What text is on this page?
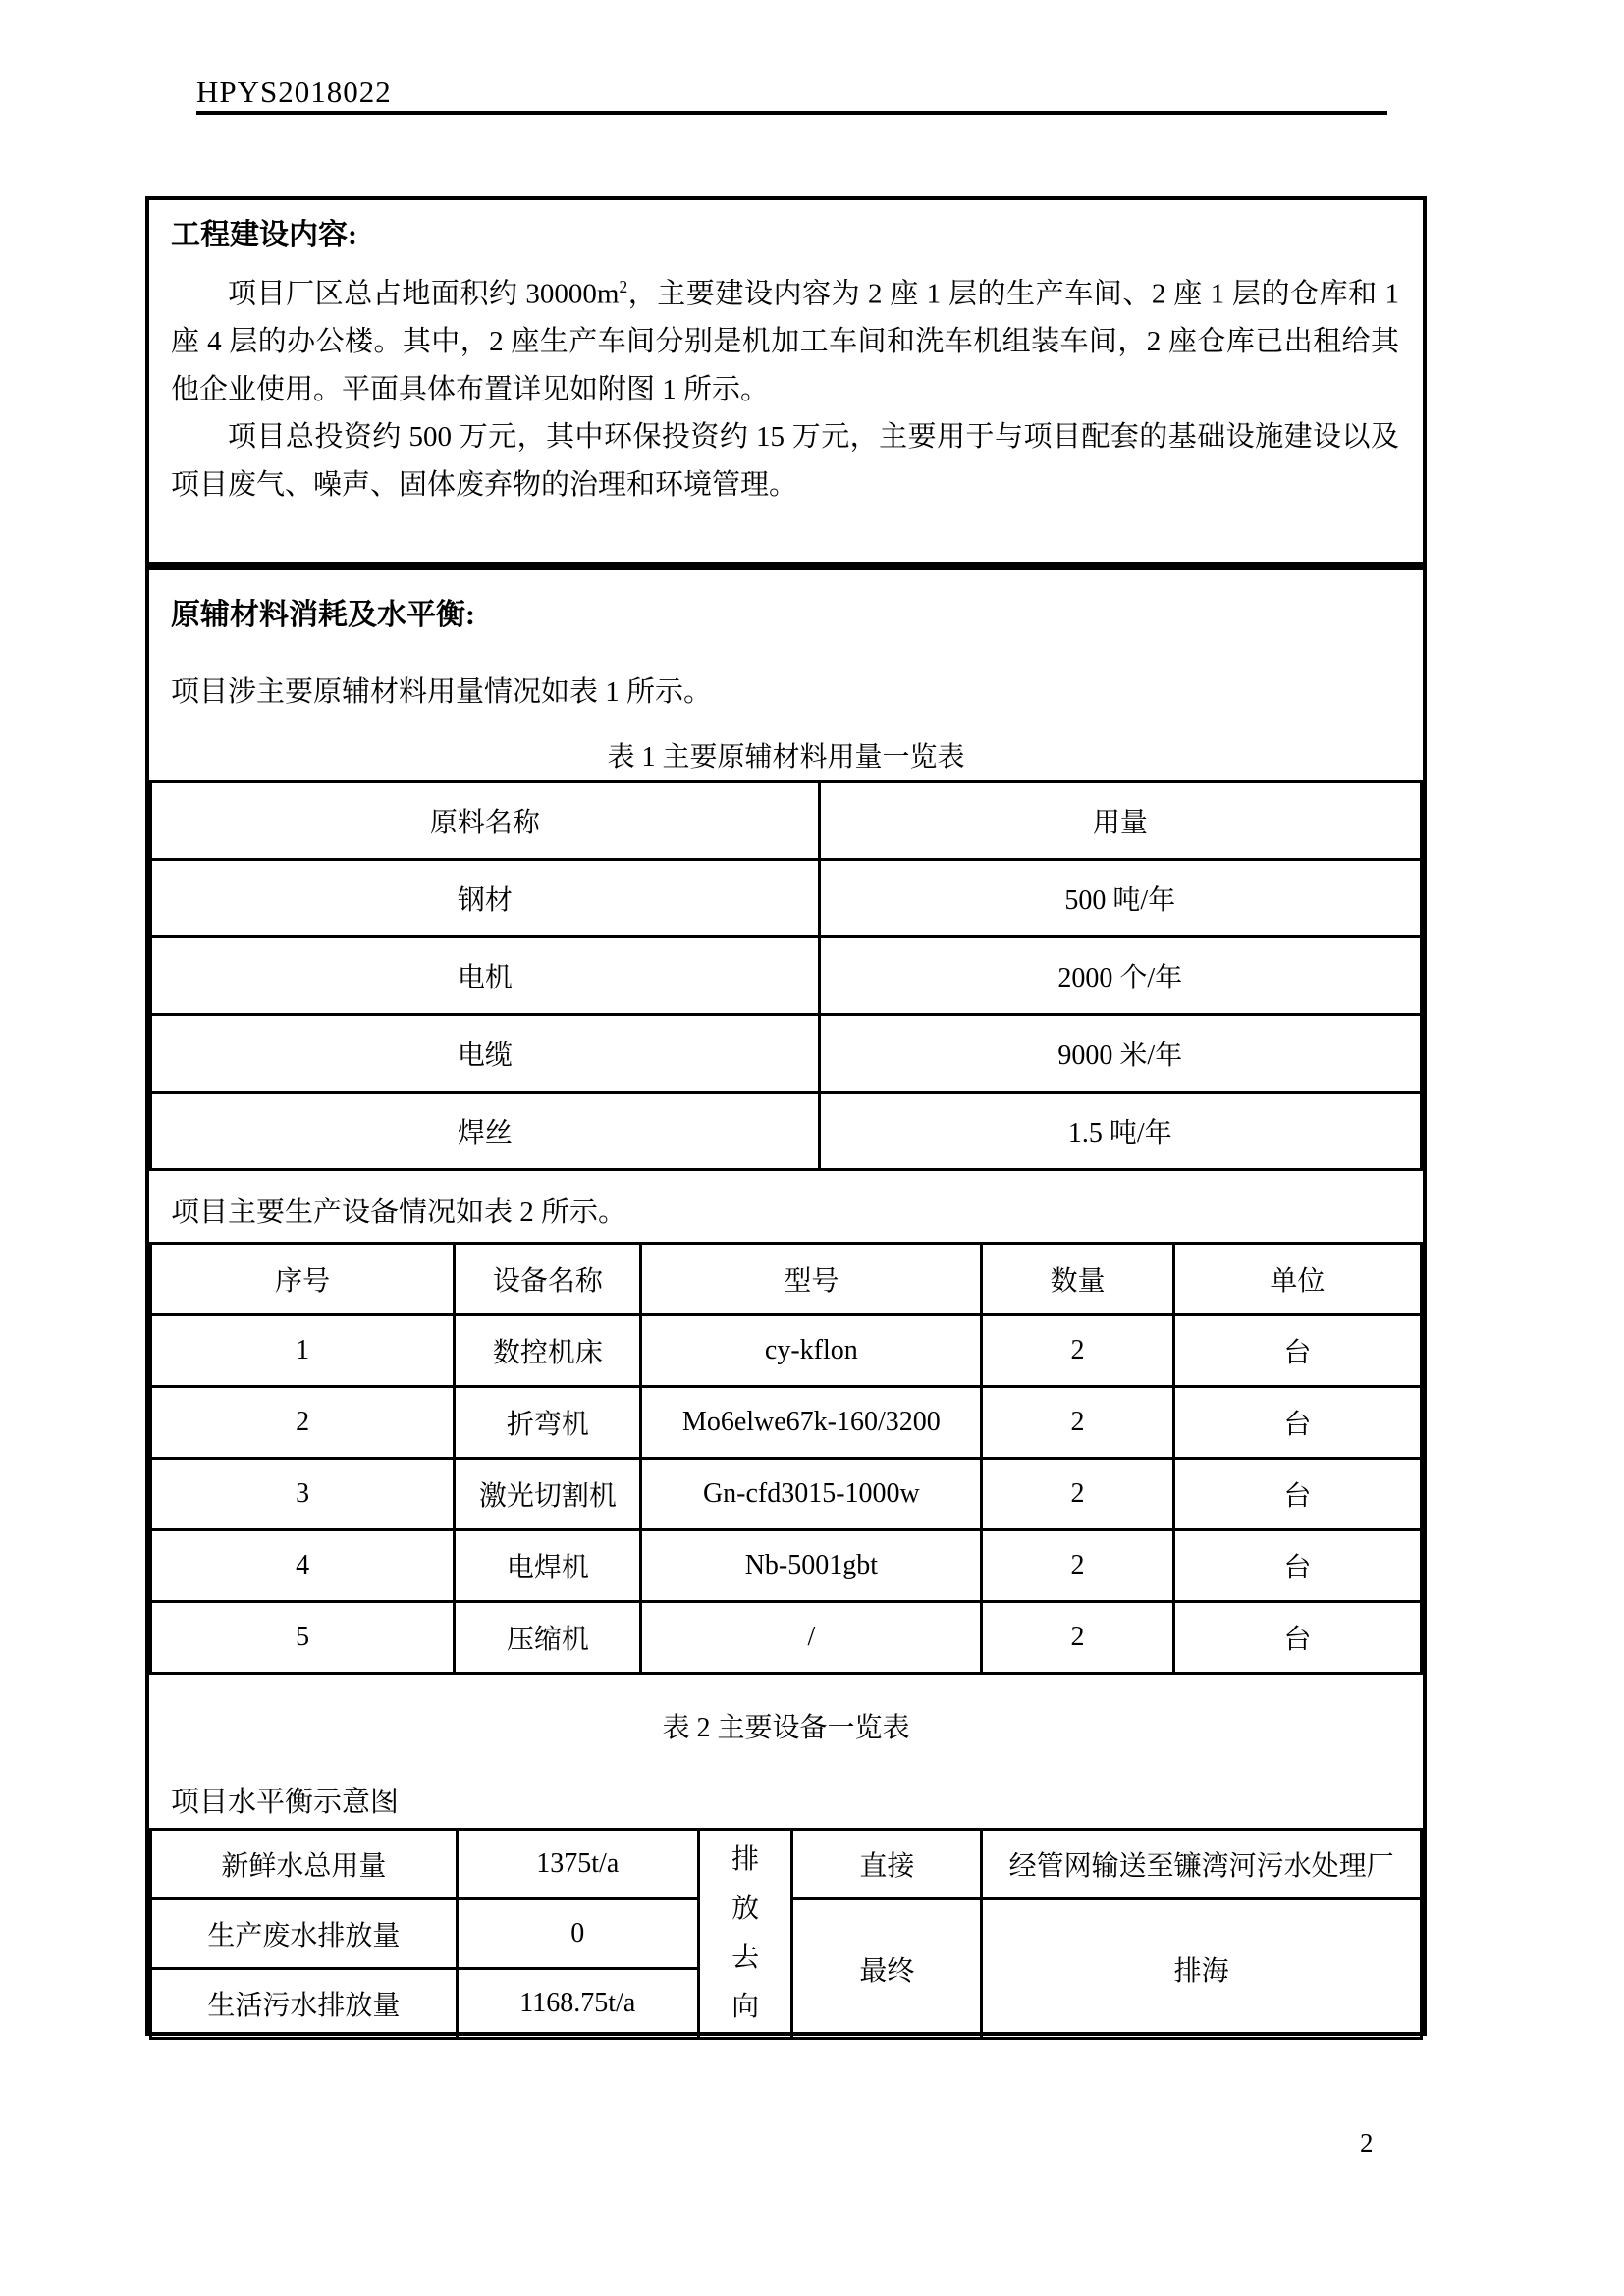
HPYS2018022
工程建设内容:

项目厂区总占地面积约 $30000m^2$，主要建设内容为 2 座 1 层的生产车间、2 座 1 层的仓库和 1 座 4 层的办公楼。其中，2 座生产车间分别是机加工车间和洗车机组装车间，2 座仓库已出租给其他企业使用。平面具体布置详见如附图 1 所示。

项目总投资约 500 万元，其中环保投资约 15 万元，主要用于与项目配套的基础设施建设以及项目废气、噪声、固体废弃物的治理和环境管理。

原辅材料消耗及水平衡:

项目涉主要原辅材料用量情况如表 1 所示。

表 1 主要原辅材料用量一览表
原料名称	用量
钢材	500 吨/年
电机	2000 个/年
电缆	9000 米/年
焊丝	1.5 吨/年

项目主要生产设备情况如表 2 所示。

序号	设备名称	型号	数量	单位
1	数控机床	cy-kflon	2	台
2	折弯机	Mo6elwe67k-160/3200	2	台
3	激光切割机	Gn-cfd3015-1000w	2	台
4	电焊机	Nb-5001gbt	2	台
5	压缩机	/	2	台
表 2 主要设备一览表

项目水平衡示意图

新鲜水总用量	1375t/a	排放去向	直接	经管网输送至镰湾河污水处理厂
生产废水排放量	0		最终	排海
生活污水排放量	1168.75t/a			
2
